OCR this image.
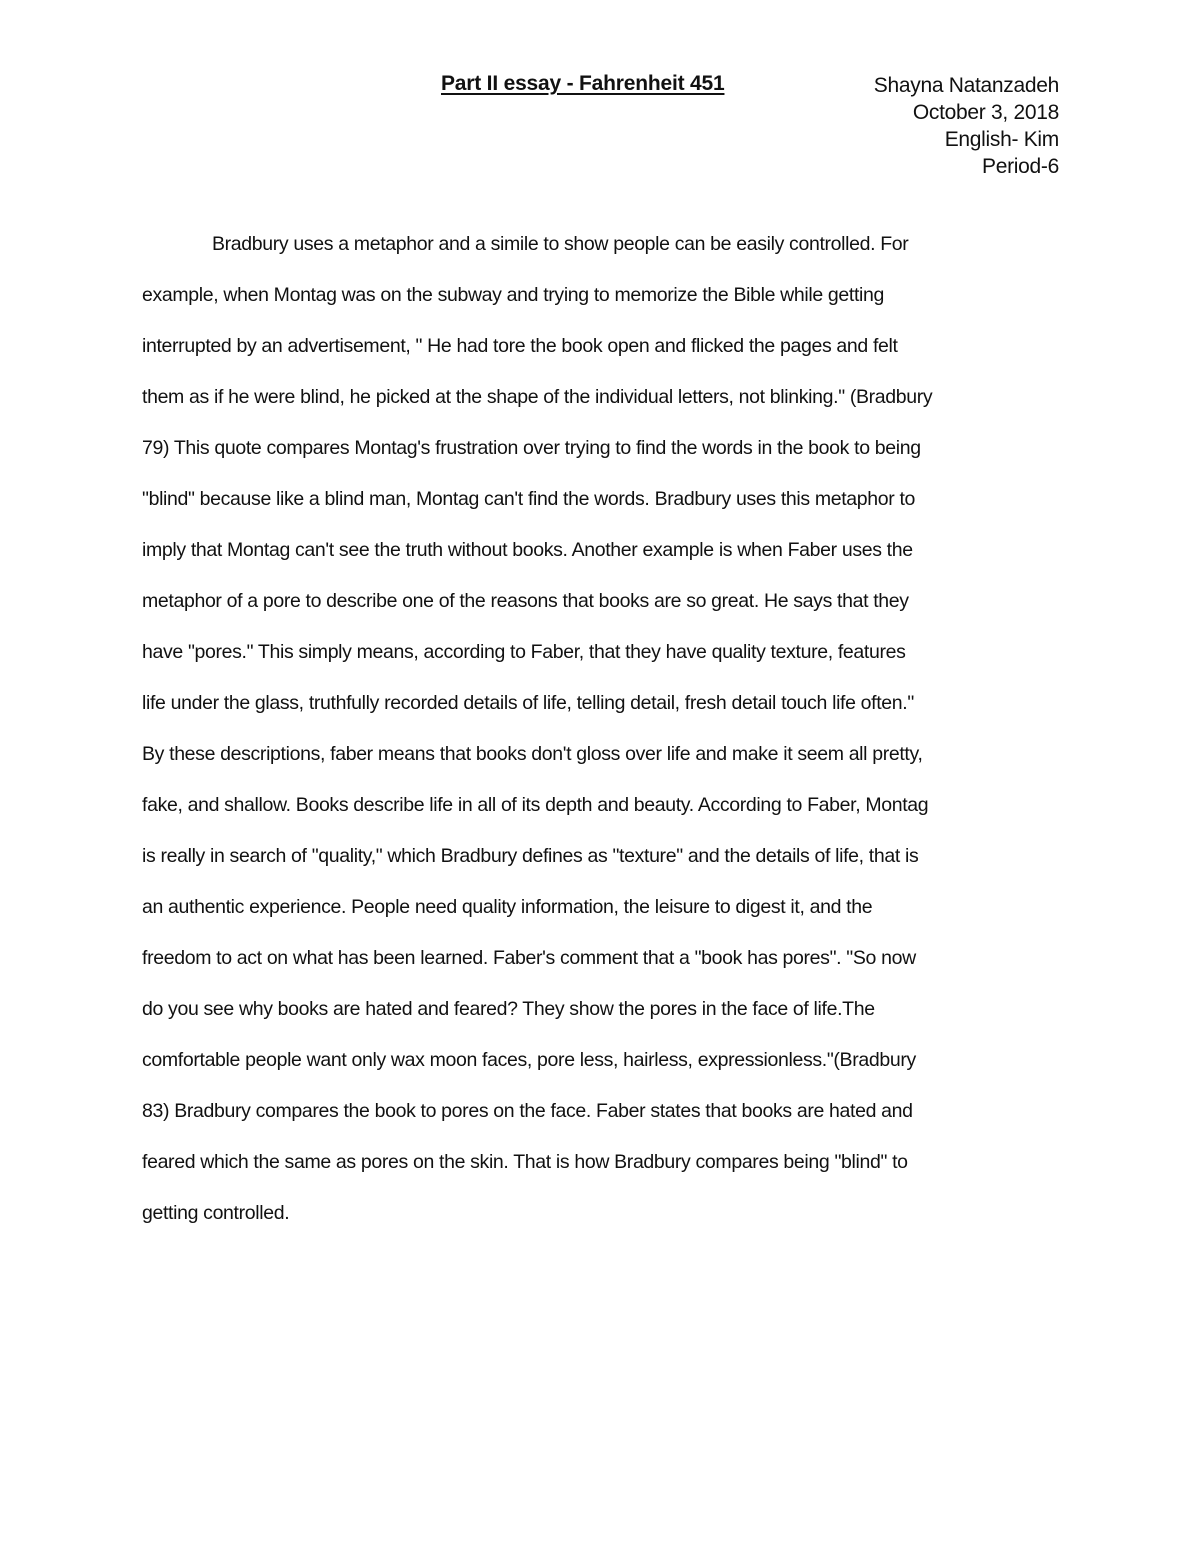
Part II essay - Fahrenheit 451	Shayna Natanzadeh
October 3, 2018
English- Kim
Period-6
Bradbury uses a metaphor and a simile to show people can be easily controlled. For
example, when Montag was on the subway and trying to memorize the Bible while getting
interrupted by an advertisement, " He had tore the book open and flicked the pages and felt
them as if he were blind, he picked at the shape of the individual letters, not blinking." (Bradbury
79) This quote compares Montag's frustration over trying to find the words in the book to being
"blind" because like a blind man, Montag can't find the words. Bradbury uses this metaphor to
imply that Montag can't see the truth without books. Another example is when Faber uses the
metaphor of a pore to describe one of the reasons that books are so great. He says that they
have "pores." This simply means, according to Faber, that they have quality texture, features
life under the glass, truthfully recorded details of life, telling detail, fresh detail touch life often."
By these descriptions, faber means that books don't gloss over life and make it seem all pretty,
fake, and shallow. Books describe life in all of its depth and beauty. According to Faber, Montag
is really in search of "quality," which Bradbury defines as "texture" and the details of life, that is
an authentic experience. People need quality information, the leisure to digest it, and the
freedom to act on what has been learned. Faber's comment that a "book has pores". "So now
do you see why books are hated and feared? They show the pores in the face of life.The
comfortable people want only wax moon faces, pore less, hairless, expressionless."(Bradbury
83) Bradbury compares the book to pores on the face. Faber states that books are hated and
feared which the same as pores on the skin. That is how Bradbury compares being "blind" to
getting controlled.
